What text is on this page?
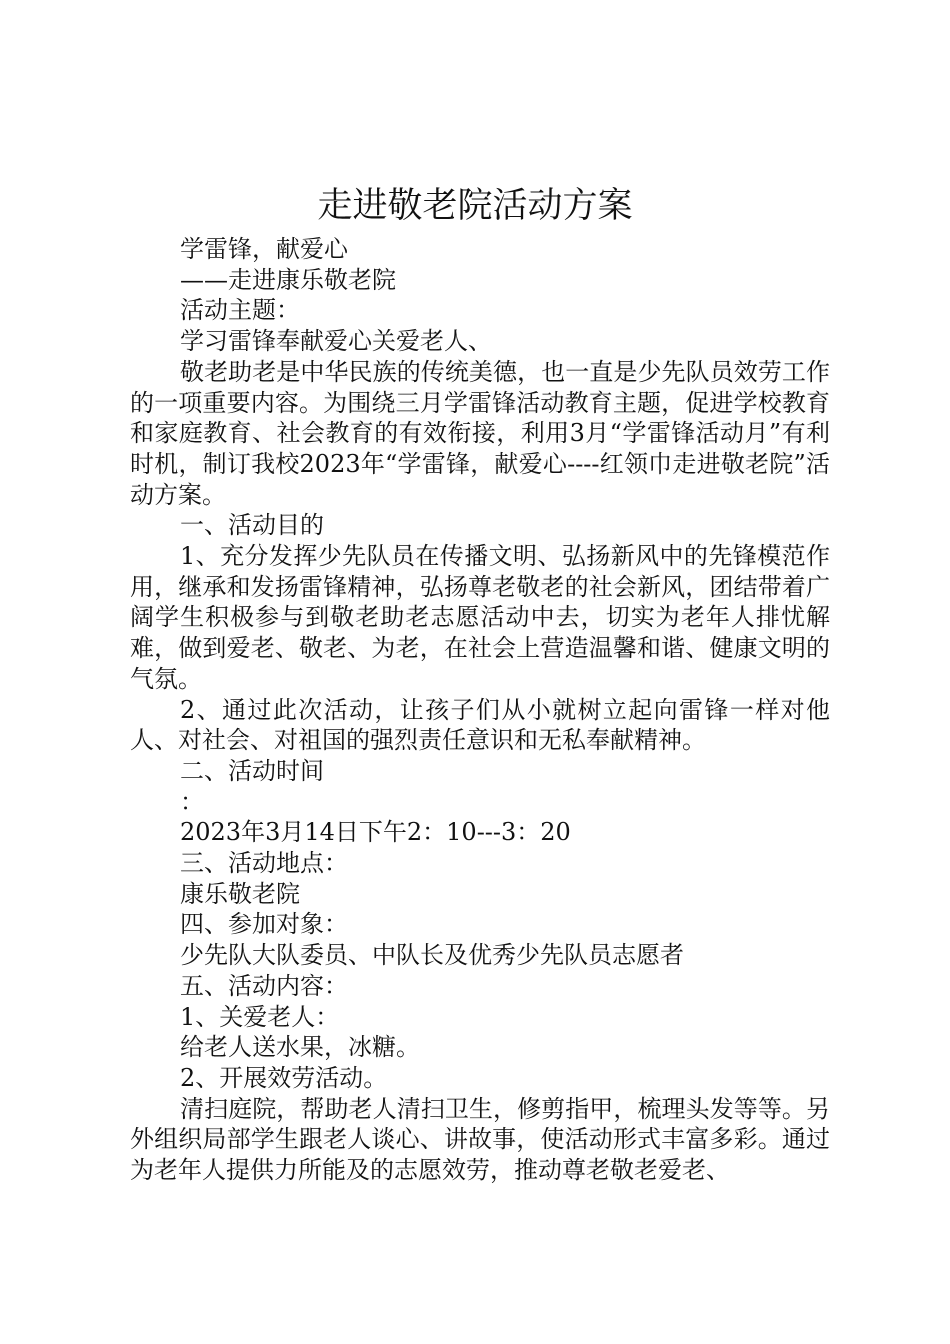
走进敬老院活动方案

学雷锋，献爱心

——走进康乐敬老院

活动主题：

学习雷锋奉献爱心关爱老人、

敬老助老是中华民族的传统美德，也一直是少先队员效劳工作的一项重要内容。为围绕三月学雷锋活动教育主题，促进学校教育和家庭教育、社会教育的有效衔接，利用3月“学雷锋活动月”有利时机，制订我校2023年“学雷锋，献爱心----红领巾走进敬老院”活动方案。

一、活动目的

1、充分发挥少先队员在传播文明、弘扬新风中的先锋模范作用，继承和发扬雷锋精神，弘扬尊老敬老的社会新风，团结带着广阔学生积极参与到敬老助老志愿活动中去，切实为老年人排忧解难，做到爱老、敬老、为老，在社会上营造温馨和谐、健康文明的气氛。

2、通过此次活动，让孩子们从小就树立起向雷锋一样对他人、对社会、对祖国的强烈责任意识和无私奉献精神。

二、活动时间

：

2023年3月14日下午2：10---3：20

三、活动地点：

康乐敬老院

四、参加对象：

少先队大队委员、中队长及优秀少先队员志愿者

五、活动内容：

1、关爱老人：

给老人送水果，冰糖。

2、开展效劳活动。

清扫庭院，帮助老人清扫卫生，修剪指甲，梳理头发等等。另外组织局部学生跟老人谈心、讲故事，使活动形式丰富多彩。通过为老年人提供力所能及的志愿效劳，推动尊老敬老爱老、
